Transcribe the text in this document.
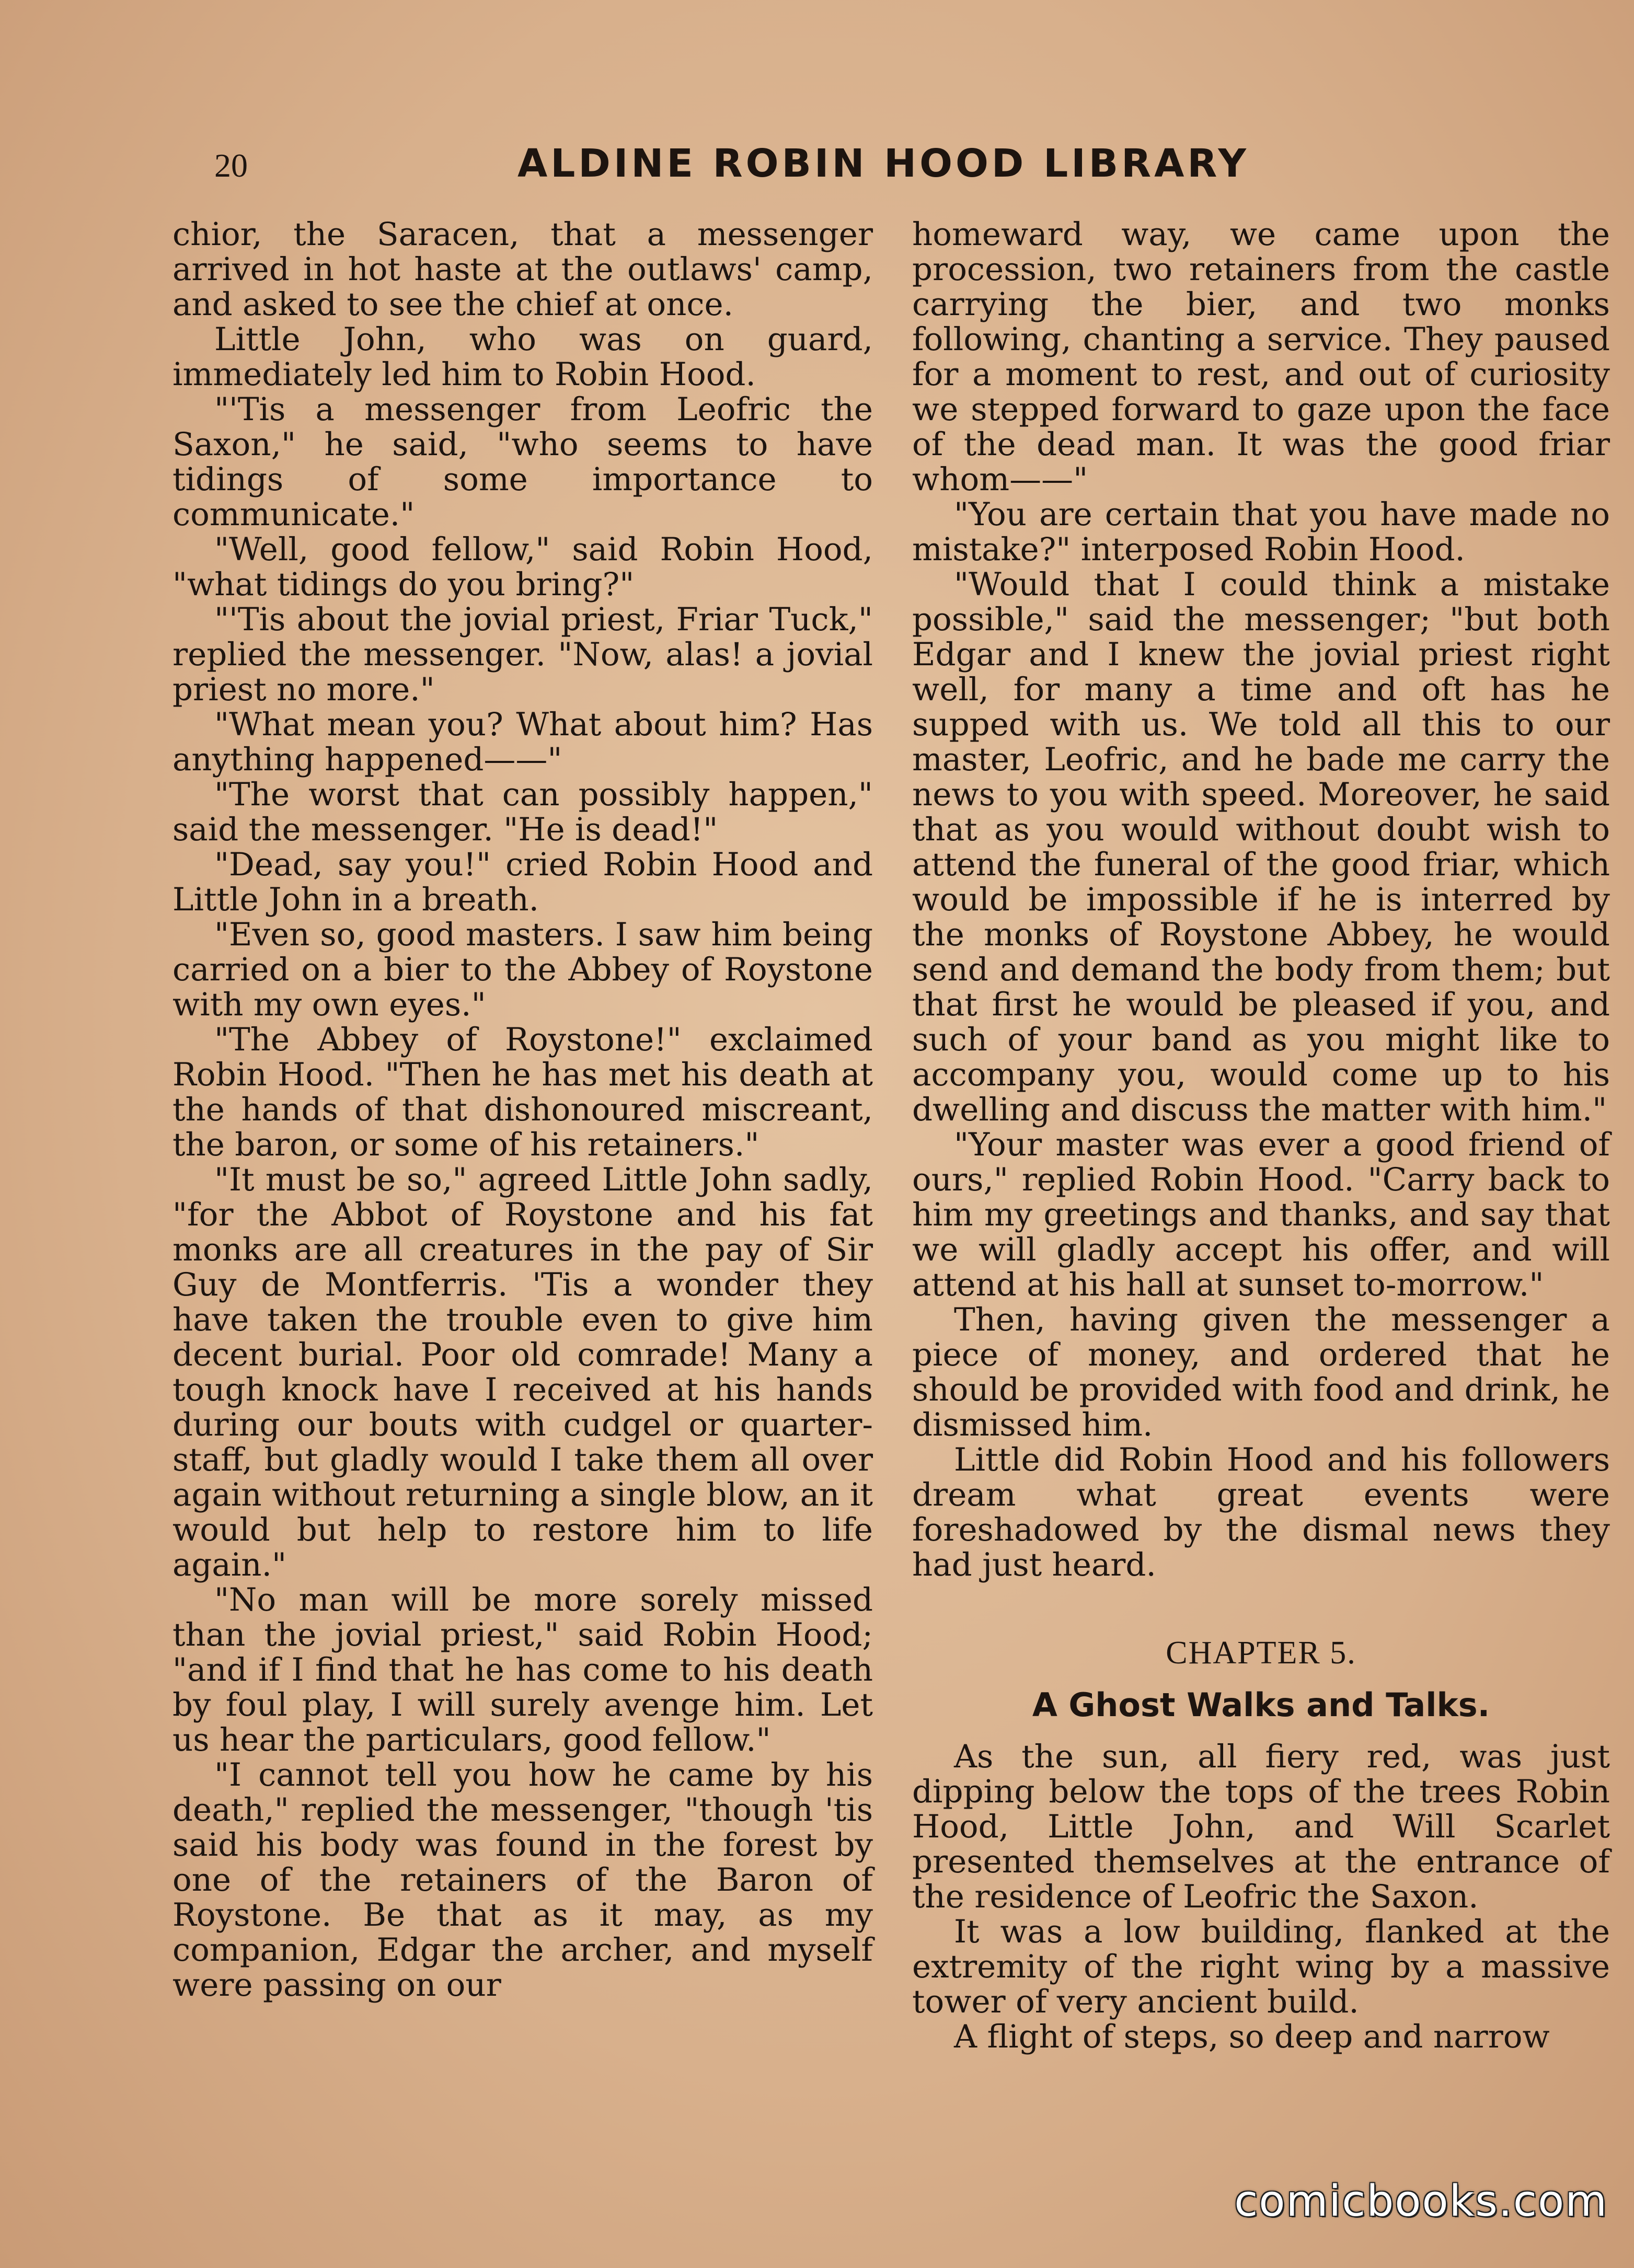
20	ALDINE ROBIN HOOD LIBRARY

chior, the Saracen, that a messenger arrived in hot haste at the outlaws' camp, and asked to see the chief at once.

Little John, who was on guard, immediately led him to Robin Hood.

"'Tis a messenger from Leofric the Saxon," he said, "who seems to have tidings of some importance to communicate."

"Well, good fellow," said Robin Hood, "what tidings do you bring?"

"'Tis about the jovial priest, Friar Tuck," replied the messenger. "Now, alas! a jovial priest no more."

"What mean you? What about him? Has anything happened——"

"The worst that can possibly happen," said the messenger. "He is dead!"

"Dead, say you!" cried Robin Hood and Little John in a breath.

"Even so, good masters. I saw him being carried on a bier to the Abbey of Roystone with my own eyes."

"The Abbey of Roystone!" exclaimed Robin Hood. "Then he has met his death at the hands of that dishonoured miscreant, the baron, or some of his retainers."

"It must be so," agreed Little John sadly, "for the Abbot of Roystone and his fat monks are all creatures in the pay of Sir Guy de Montferris. 'Tis a wonder they have taken the trouble even to give him decent burial. Poor old comrade! Many a tough knock have I received at his hands during our bouts with cudgel or quarter-staff, but gladly would I take them all over again without returning a single blow, an it would but help to restore him to life again."

"No man will be more sorely missed than the jovial priest," said Robin Hood; "and if I find that he has come to his death by foul play, I will surely avenge him. Let us hear the particulars, good fellow."

"I cannot tell you how he came by his death," replied the messenger, "though 'tis said his body was found in the forest by one of the retainers of the Baron of Roystone. Be that as it may, as my companion, Edgar the archer, and myself were passing on our

homeward way, we came upon the procession, two retainers from the castle carrying the bier, and two monks following, chanting a service. They paused for a moment to rest, and out of curiosity we stepped forward to gaze upon the face of the dead man. It was the good friar whom——"

"You are certain that you have made no mistake?" interposed Robin Hood.

"Would that I could think a mistake possible," said the messenger; "but both Edgar and I knew the jovial priest right well, for many a time and oft has he supped with us. We told all this to our master, Leofric, and he bade me carry the news to you with speed. Moreover, he said that as you would without doubt wish to attend the funeral of the good friar, which would be impossible if he is interred by the monks of Roystone Abbey, he would send and demand the body from them; but that first he would be pleased if you, and such of your band as you might like to accompany you, would come up to his dwelling and discuss the matter with him."

"Your master was ever a good friend of ours," replied Robin Hood. "Carry back to him my greetings and thanks, and say that we will gladly accept his offer, and will attend at his hall at sunset to-morrow."

Then, having given the messenger a piece of money, and ordered that he should be provided with food and drink, he dismissed him.

Little did Robin Hood and his followers dream what great events were foreshadowed by the dismal news they had just heard.

CHAPTER 5.
A Ghost Walks and Talks.

As the sun, all fiery red, was just dipping below the tops of the trees Robin Hood, Little John, and Will Scarlet presented themselves at the entrance of the residence of Leofric the Saxon.

It was a low building, flanked at the extremity of the right wing by a massive tower of very ancient build.

A flight of steps, so deep and narrow

comicbooks.com
